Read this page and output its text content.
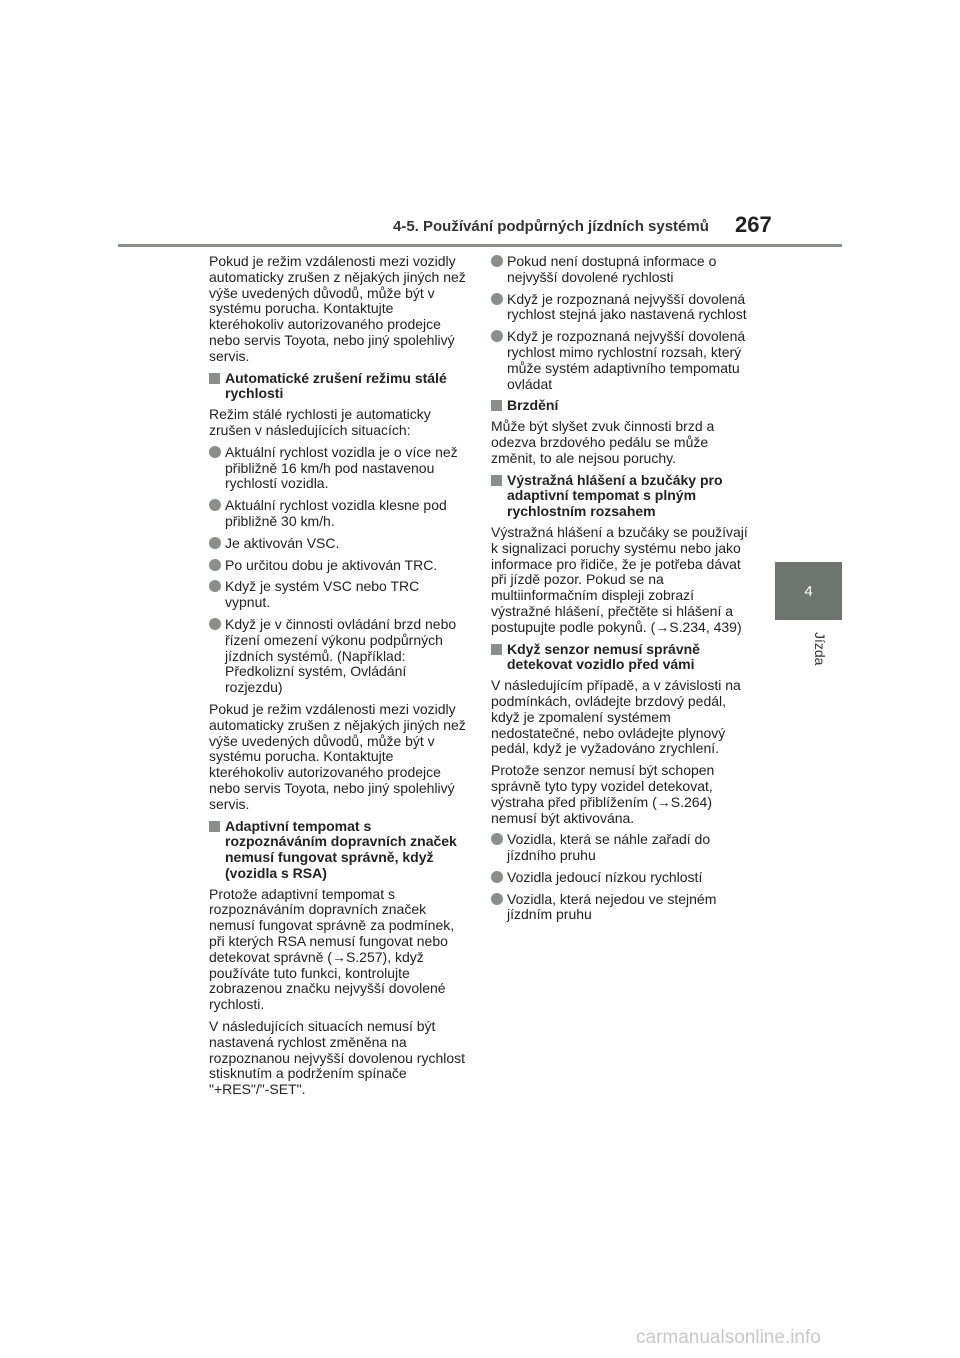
4-5. Používání podpůrných jízdních systémů 267
4
Jízda
Pokud je režim vzdálenosti mezi vozidly automaticky zrušen z nějakých jiných než výše uvedených důvodů, může být v systému porucha. Kontaktujte kteréhokoliv autorizovaného prodejce nebo servis Toyota, nebo jiný spolehlivý servis.
Automatické zrušení režimu stálé rychlosti
Režim stálé rychlosti je automaticky zrušen v následujících situacích:
Aktuální rychlost vozidla je o více než přibližně 16 km/h pod nastavenou rychlostí vozidla.
Aktuální rychlost vozidla klesne pod přibližně 30 km/h.
Je aktivován VSC.
Po určitou dobu je aktivován TRC.
Když je systém VSC nebo TRC vypnut.
Když je v činnosti ovládání brzd nebo řízení omezení výkonu podpůrných jízdních systémů. (Například: Předkolizní systém, Ovládání rozjezdu)
Pokud je režim vzdálenosti mezi vozidly automaticky zrušen z nějakých jiných než výše uvedených důvodů, může být v systému porucha. Kontaktujte kteréhokoliv autorizovaného prodejce nebo servis Toyota, nebo jiný spolehlivý servis.
Adaptivní tempomat s rozpoznáváním dopravních značek nemusí fungovat správně, když (vozidla s RSA)
Protože adaptivní tempomat s rozpoznáváním dopravních značek nemusí fungovat správně za podmínek, při kterých RSA nemusí fungovat nebo detekovat správně (→S.257), když používáte tuto funkci, kontrolujte zobrazenou značku nejvyšší dovolené rychlosti.
V následujících situacích nemusí být nastavená rychlost změněna na rozpoznanou nejvyšší dovolenou rychlost stisknutím a podržením spínače "+RES"/"-SET".
Pokud není dostupná informace o nejvyšší dovolené rychlosti
Když je rozpoznaná nejvyšší dovolená rychlost stejná jako nastavená rychlost
Když je rozpoznaná nejvyšší dovolená rychlost mimo rychlostní rozsah, který může systém adaptivního tempomatu ovládat
Brzdění
Může být slyšet zvuk činnosti brzd a odezva brzdového pedálu se může změnit, to ale nejsou poruchy.
Výstražná hlášení a bzučáky pro adaptivní tempomat s plným rychlostním rozsahem
Výstražná hlášení a bzučáky se používají k signalizaci poruchy systému nebo jako informace pro řidiče, že je potřeba dávat při jízdě pozor. Pokud se na multiinformačním displeji zobrazí výstražné hlášení, přečtěte si hlášení a postupujte podle pokynů. (→S.234, 439)
Když senzor nemusí správně detekovat vozidlo před vámi
V následujícím případě, a v závislosti na podmínkách, ovládejte brzdový pedál, když je zpomalení systémem nedostatečné, nebo ovládejte plynový pedál, když je vyžadováno zrychlení.
Protože senzor nemusí být schopen správně tyto typy vozidel detekovat, výstraha před přiblížením (→S.264) nemusí být aktivována.
Vozidla, která se náhle zařadí do jízdního pruhu
Vozidla jedoucí nízkou rychlostí
Vozidla, která nejedou ve stejném jízdním pruhu
carmanualsonline.info
